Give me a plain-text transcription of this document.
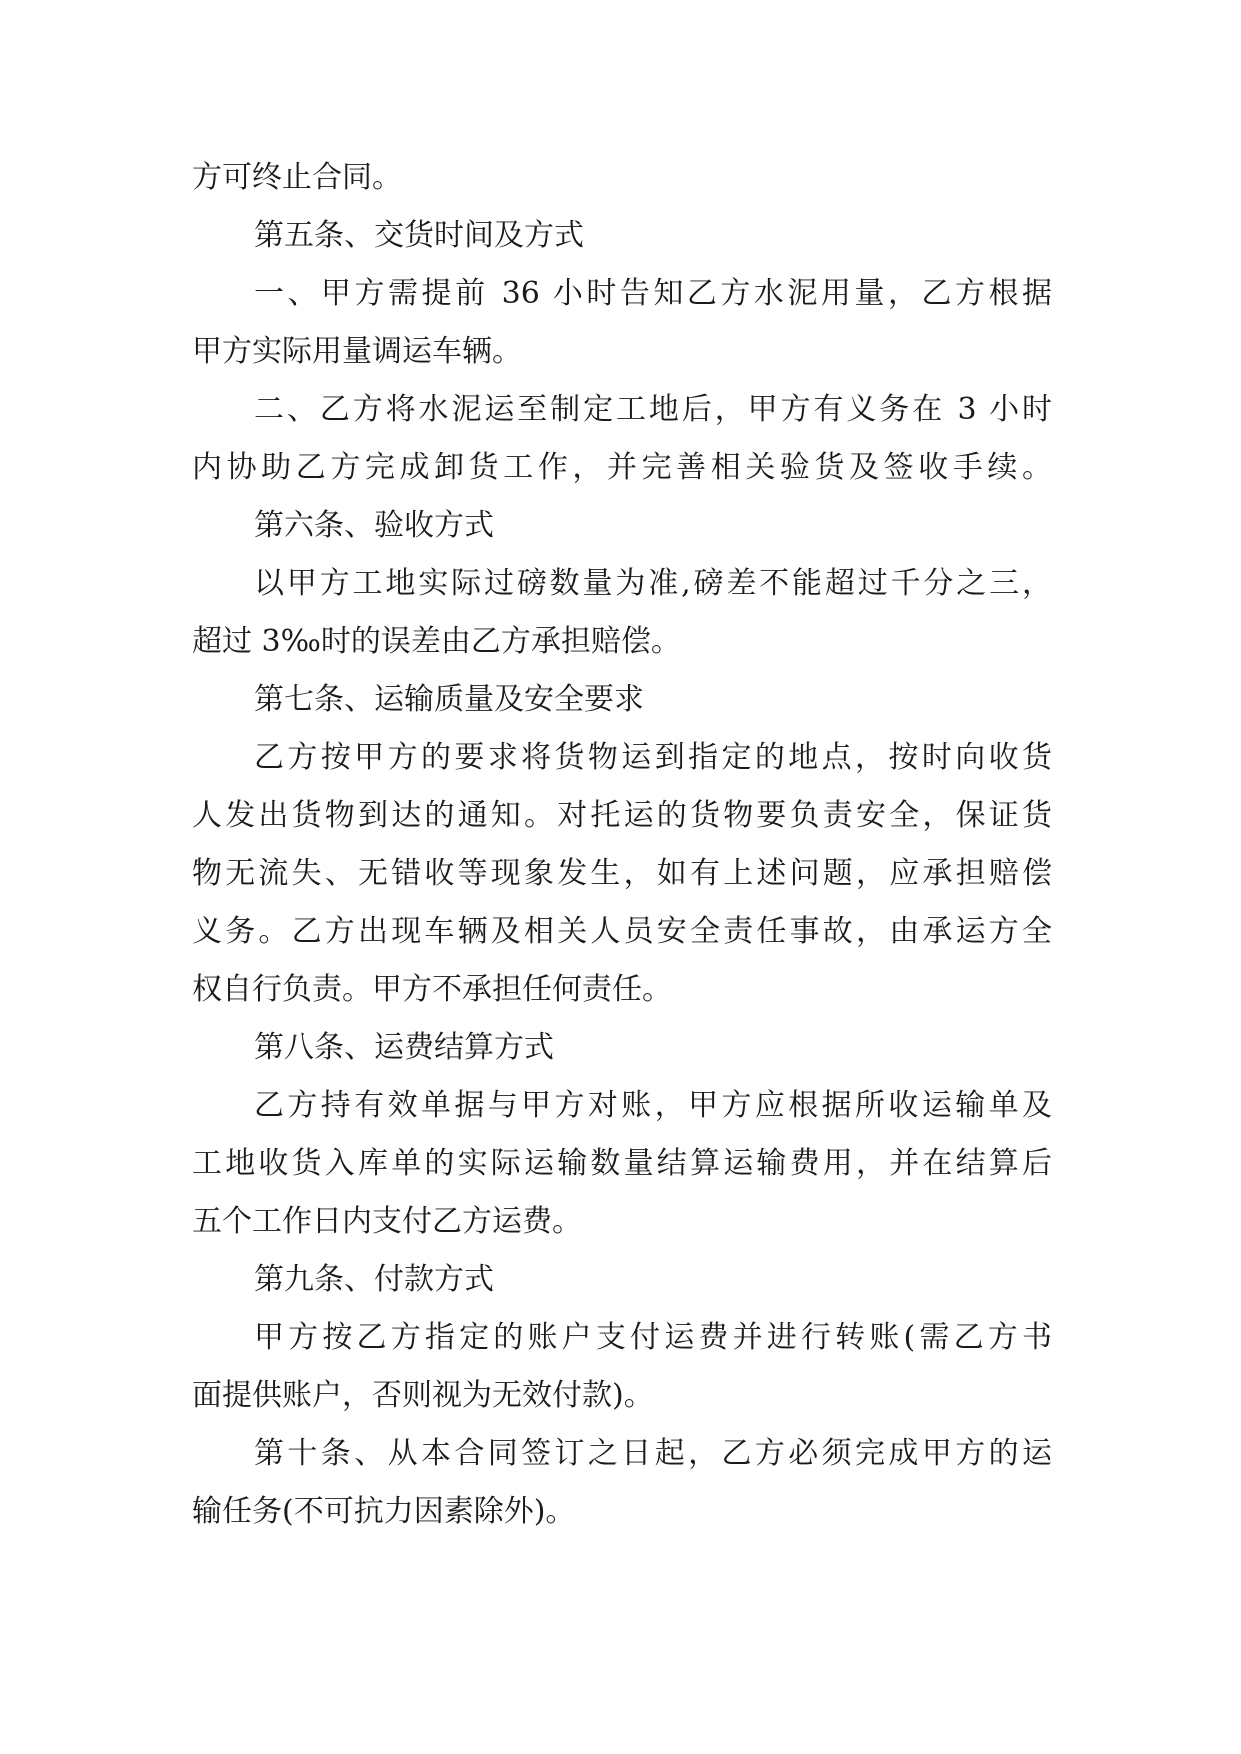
方可终止合同。
第五条、交货时间及方式
一、甲方需提前 36 小时告知乙方水泥用量，乙方根据
甲方实际用量调运车辆。
二、乙方将水泥运至制定工地后，甲方有义务在 3 小时
内协助乙方完成卸货工作，并完善相关验货及签收手续。
第六条、验收方式
以甲方工地实际过磅数量为准,磅差不能超过千分之三，
超过 3‰时的误差由乙方承担赔偿。
第七条、运输质量及安全要求
乙方按甲方的要求将货物运到指定的地点，按时向收货
人发出货物到达的通知。对托运的货物要负责安全，保证货
物无流失、无错收等现象发生，如有上述问题，应承担赔偿
义务。乙方出现车辆及相关人员安全责任事故，由承运方全
权自行负责。甲方不承担任何责任。
第八条、运费结算方式
乙方持有效单据与甲方对账，甲方应根据所收运输单及
工地收货入库单的实际运输数量结算运输费用，并在结算后
五个工作日内支付乙方运费。
第九条、付款方式
甲方按乙方指定的账户支付运费并进行转账(需乙方书
面提供账户，否则视为无效付款)。
第十条、从本合同签订之日起，乙方必须完成甲方的运
输任务(不可抗力因素除外)。
